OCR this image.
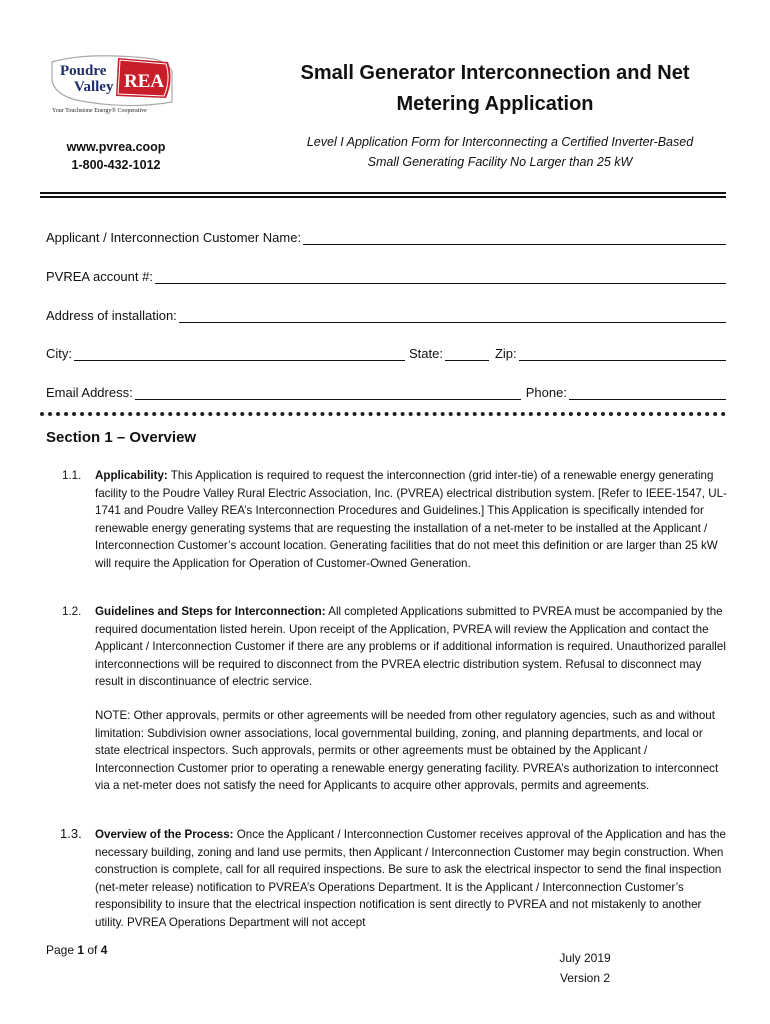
Poudre
Valley REA
Your Touchstone Energy® Cooperative
www.pvrea.coop
1-800-432-1012
Small Generator Interconnection and Net
Metering Application
Level I Application Form for Interconnecting a Certified Inverter-Based
Small Generating Facility No Larger than 25 kW
Applicant / Interconnection Customer Name:
PVREA account #:
Address of installation:
City:	State:	Zip:
Email Address:	Phone:
Section 1 – Overview
1.1. Applicability: This Application is required to request the interconnection (grid inter-tie) of a renewable energy generating facility to the Poudre Valley Rural Electric Association, Inc. (PVREA) electrical distribution system. [Refer to IEEE-1547, UL-1741 and Poudre Valley REA’s Interconnection Procedures and Guidelines.] This Application is specifically intended for renewable energy generating systems that are requesting the installation of a net-meter to be installed at the Applicant / Interconnection Customer’s account location. Generating facilities that do not meet this definition or are larger than 25 kW will require the Application for Operation of Customer-Owned Generation.
1.2. Guidelines and Steps for Interconnection: All completed Applications submitted to PVREA must be accompanied by the required documentation listed herein. Upon receipt of the Application, PVREA will review the Application and contact the Applicant / Interconnection Customer if there are any problems or if additional information is required. Unauthorized parallel interconnections will be required to disconnect from the PVREA electric distribution system. Refusal to disconnect may result in discontinuance of electric service.
NOTE: Other approvals, permits or other agreements will be needed from other regulatory agencies, such as and without limitation: Subdivision owner associations, local governmental building, zoning, and planning departments, and local or state electrical inspectors. Such approvals, permits or other agreements must be obtained by the Applicant / Interconnection Customer prior to operating a renewable energy generating facility. PVREA’s authorization to interconnect via a net-meter does not satisfy the need for Applicants to acquire other approvals, permits and agreements.
1.3. Overview of the Process: Once the Applicant / Interconnection Customer receives approval of the Application and has the necessary building, zoning and land use permits, then Applicant / Interconnection Customer may begin construction. When construction is complete, call for all required inspections. Be sure to ask the electrical inspector to send the final inspection (net-meter release) notification to PVREA’s Operations Department. It is the Applicant / Interconnection Customer’s responsibility to insure that the electrical inspection notification is sent directly to PVREA and not mistakenly to another utility. PVREA Operations Department will not accept
Page 1 of 4
July 2019
Version 2
